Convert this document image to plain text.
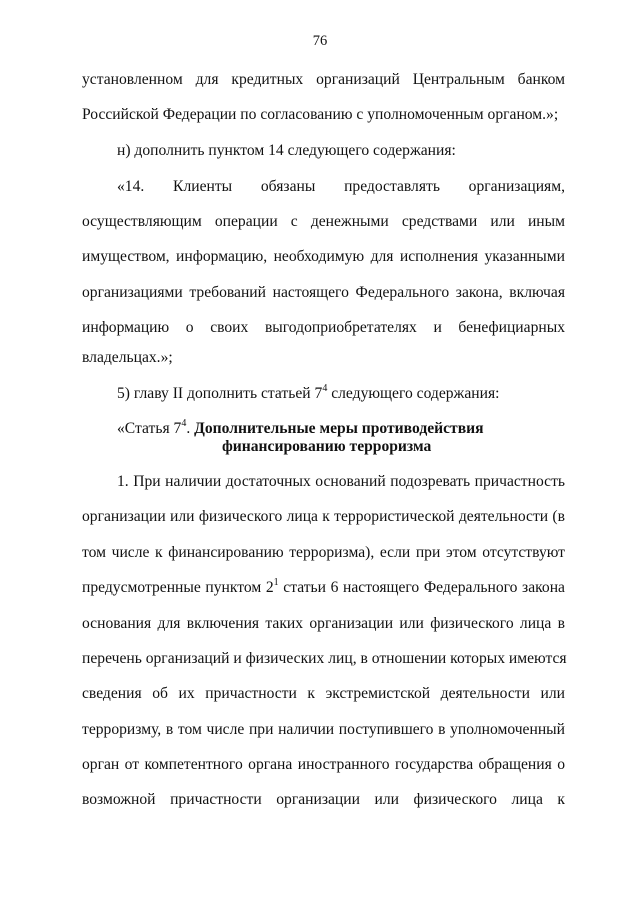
76
установленном для кредитных организаций Центральным банком
Российской Федерации по согласованию с уполномоченным органом.»;
н) дополнить пунктом 14 следующего содержания:
«14. Клиенты обязаны предоставлять организациям,
осуществляющим операции с денежными средствами или иным
имуществом, информацию, необходимую для исполнения указанными
организациями требований настоящего Федерального закона, включая
информацию о своих выгодоприобретателях и бенефициарных
владельцах.»;
5) главу II дополнить статьей $7^4$ следующего содержания:
«Статья $7^4$. Дополнительные меры противодействия
финансированию терроризма
1. При наличии достаточных оснований подозревать причастность
организации или физического лица к террористической деятельности (в
том числе к финансированию терроризма), если при этом отсутствуют
предусмотренные пунктом $2^1$ статьи 6 настоящего Федерального закона
основания для включения таких организации или физического лица в
перечень организаций и физических лиц, в отношении которых имеются
сведения об их причастности к экстремистской деятельности или
терроризму, в том числе при наличии поступившего в уполномоченный
орган от компетентного органа иностранного государства обращения о
возможной причастности организации или физического лица к
